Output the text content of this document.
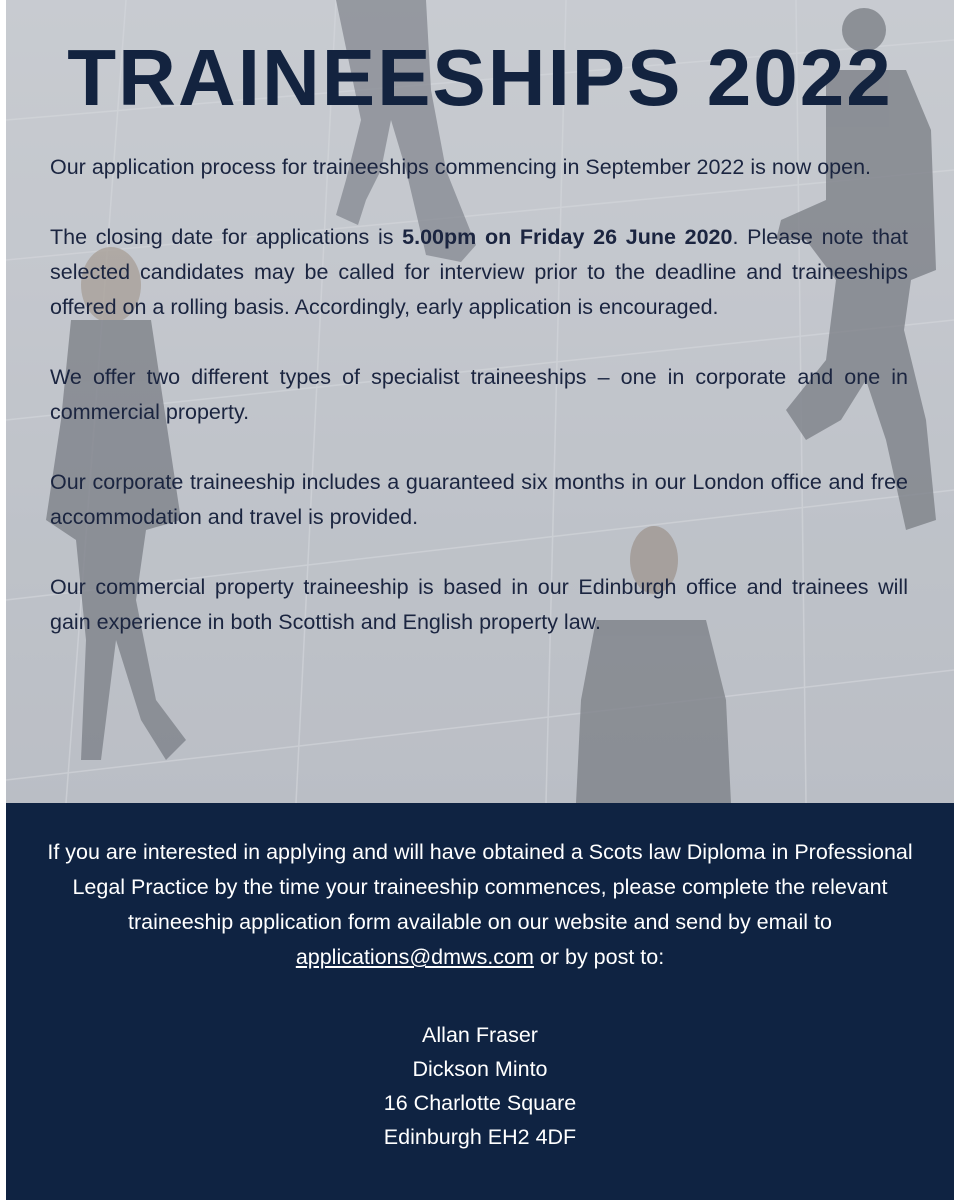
TRAINEESHIPS 2022

Our application process for traineeships commencing in September 2022 is now open.

The closing date for applications is 5.00pm on Friday 26 June 2020. Please note that selected candidates may be called for interview prior to the deadline and traineeships offered on a rolling basis. Accordingly, early application is encouraged.

We offer two different types of specialist traineeships – one in corporate and one in commercial property.

Our corporate traineeship includes a guaranteed six months in our London office and free accommodation and travel is provided.

Our commercial property traineeship is based in our Edinburgh office and trainees will gain experience in both Scottish and English property law.

If you are interested in applying and will have obtained a Scots law Diploma in Professional Legal Practice by the time your traineeship commences, please complete the relevant traineeship application form available on our website and send by email to applications@dmws.com or by post to:

Allan Fraser
Dickson Minto
16 Charlotte Square
Edinburgh EH2 4DF
